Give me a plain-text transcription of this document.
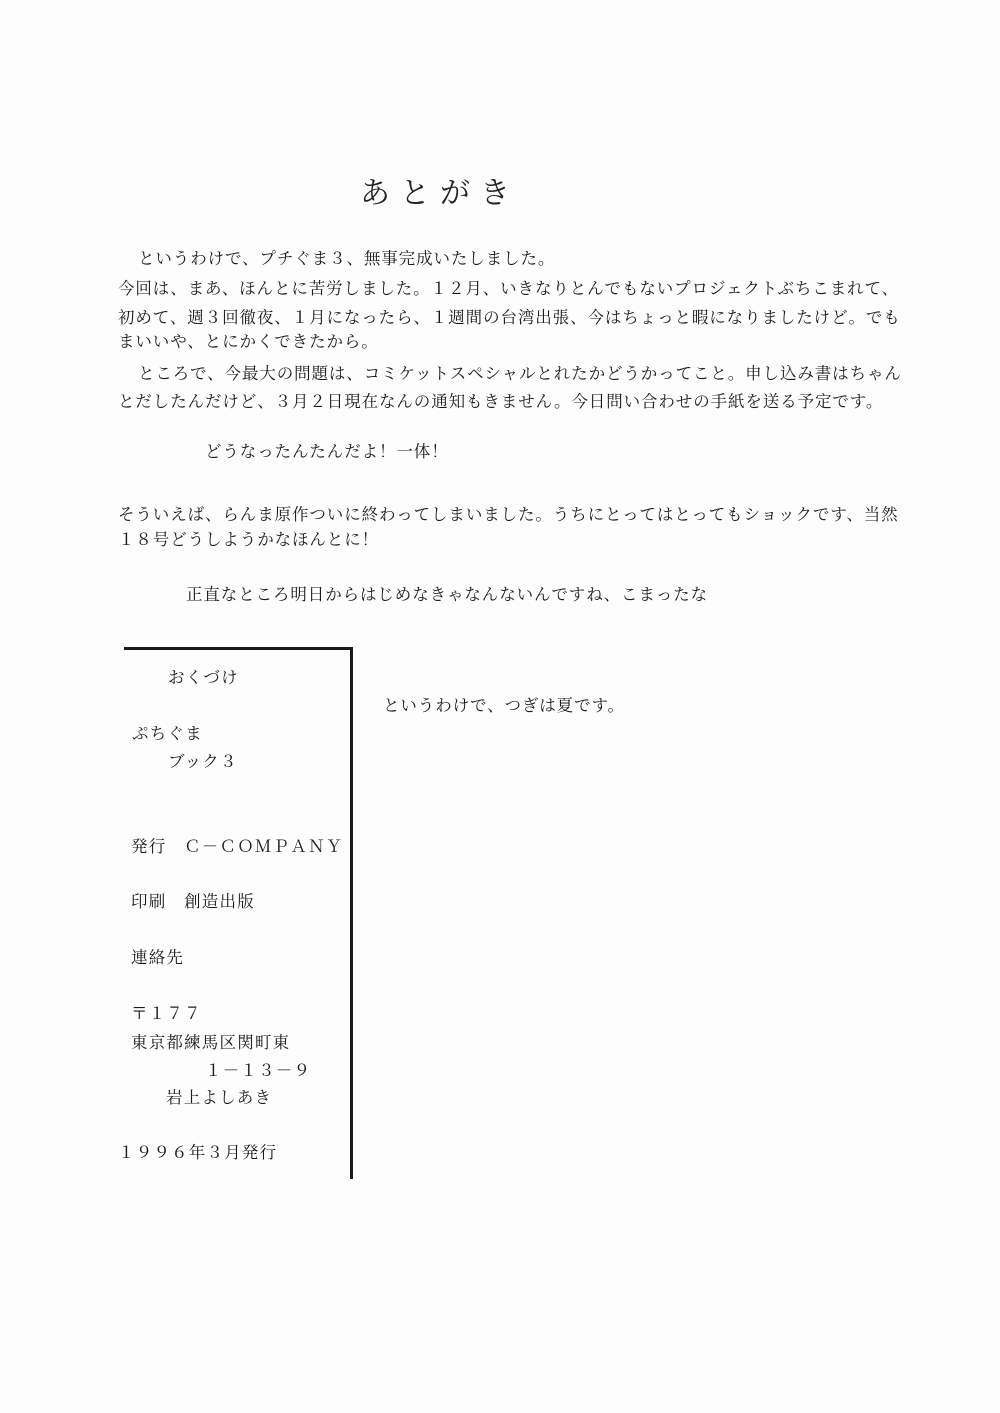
あとがき
というわけで、プチぐま３、無事完成いたしました。
今回は、まあ、ほんとに苦労しました。１２月、いきなりとんでもないプロジェクトぶちこまれて、
初めて、週３回徹夜、１月になったら、１週間の台湾出張、今はちょっと暇になりましたけど。でも
まいいや、とにかくできたから。
ところで、今最大の問題は、コミケットスペシャルとれたかどうかってこと。申し込み書はちゃん
とだしたんだけど、３月２日現在なんの通知もきません。今日問い合わせの手紙を送る予定です。
どうなったんたんだよ！一体！
そういえば、らんま原作ついに終わってしまいました。うちにとってはとってもショックです、当然
１８号どうしようかなほんとに！
正直なところ明日からはじめなきゃなんないんですね、こまったな
おくづけ
ぷちぐま
ブック３
発行　Ｃ－ＣＯＭＰＡＮＹ
印刷　創造出版
連絡先
〒１７７
東京都練馬区関町東
１－１３－９
岩上よしあき
１９９６年３月発行
というわけで、つぎは夏です。
